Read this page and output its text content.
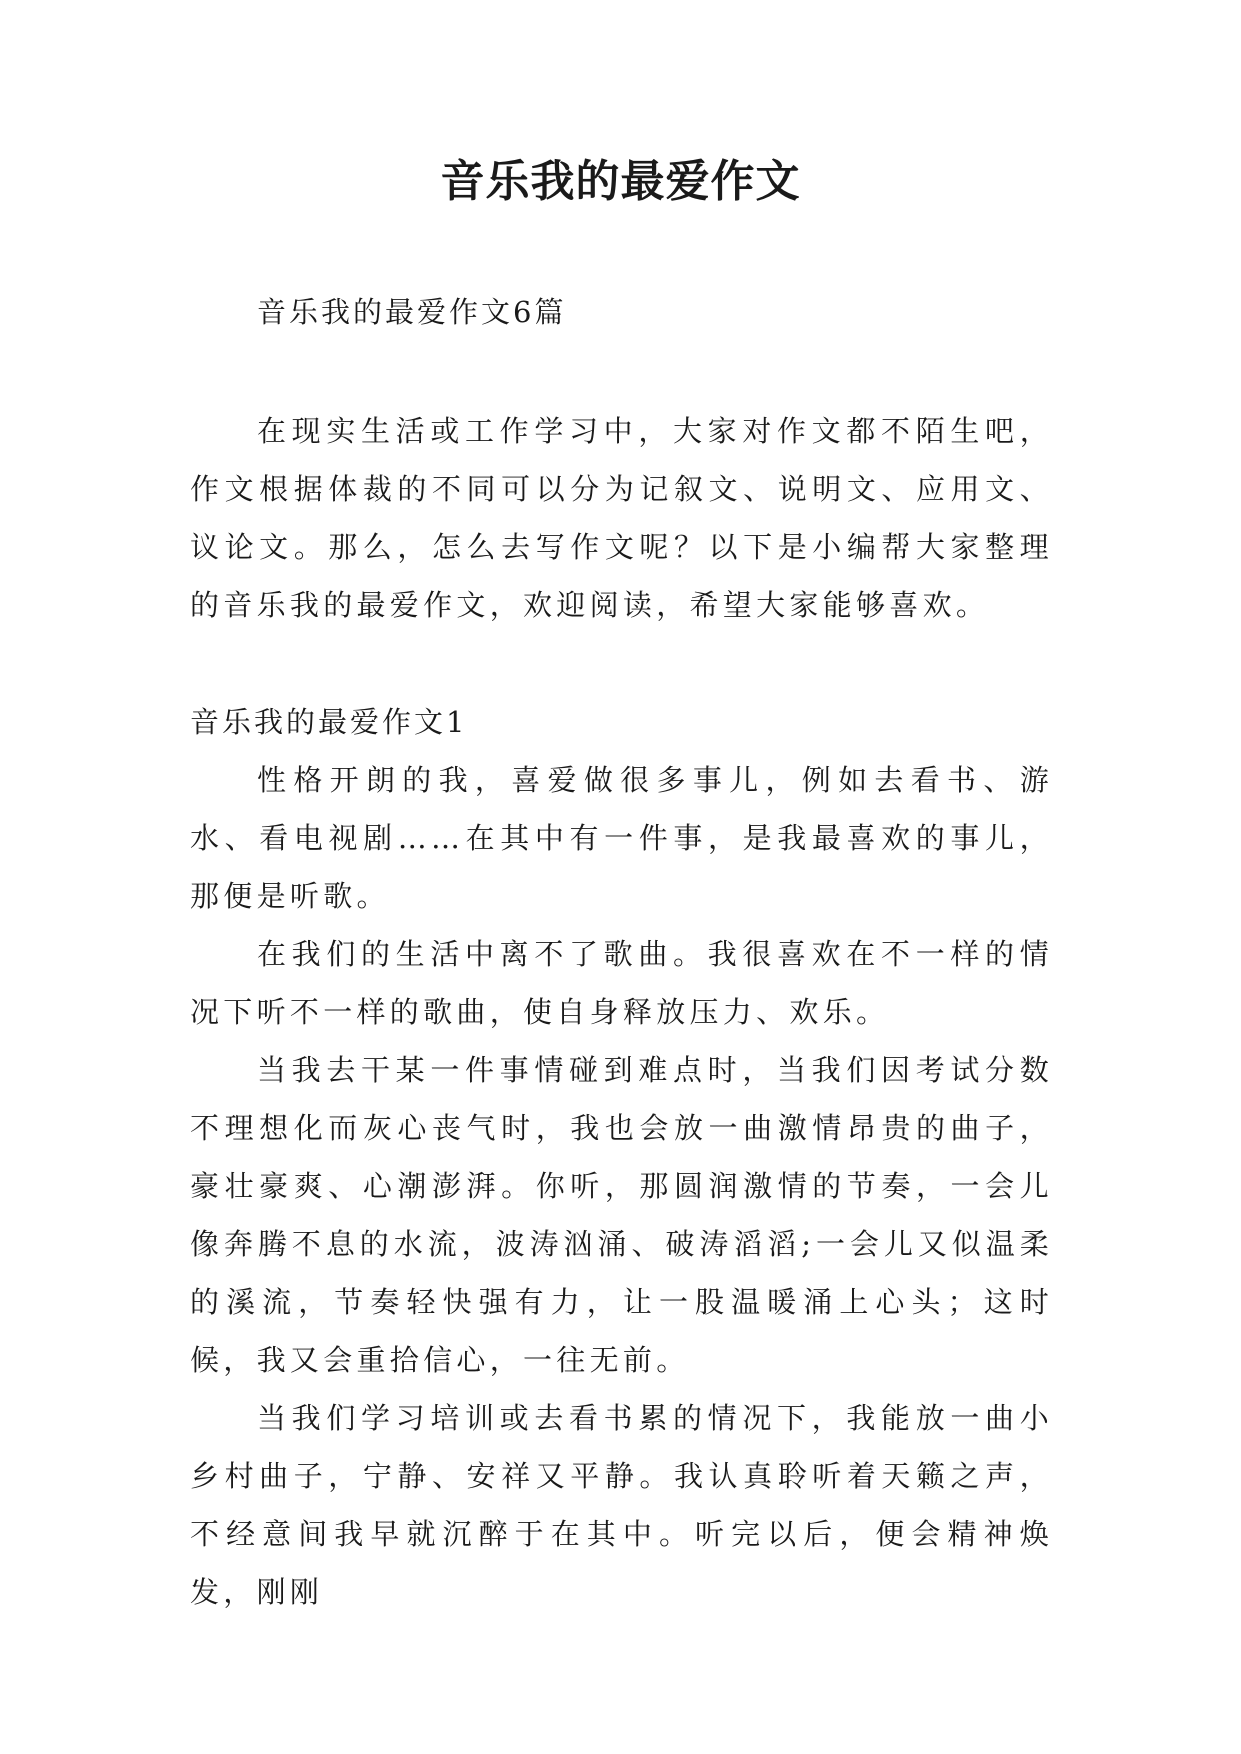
音乐我的最爱作文
音乐我的最爱作文6篇

在现实生活或工作学习中，大家对作文都不陌生吧，作文根据体裁的不同可以分为记叙文、说明文、应用文、议论文。那么，怎么去写作文呢？以下是小编帮大家整理的音乐我的最爱作文，欢迎阅读，希望大家能够喜欢。

音乐我的最爱作文1

性格开朗的我，喜爱做很多事儿，例如去看书、游水、看电视剧……在其中有一件事，是我最喜欢的事儿，那便是听歌。

在我们的生活中离不了歌曲。我很喜欢在不一样的情况下听不一样的歌曲，使自身释放压力、欢乐。

当我去干某一件事情碰到难点时，当我们因考试分数不理想化而灰心丧气时，我也会放一曲激情昂贵的曲子，豪壮豪爽、心潮澎湃。你听，那圆润激情的节奏，一会儿像奔腾不息的水流，波涛汹涌、破涛滔滔;一会儿又似温柔的溪流，节奏轻快强有力，让一股温暖涌上心头；这时候，我又会重拾信心，一往无前。

当我们学习培训或去看书累的情况下，我能放一曲小乡村曲子，宁静、安祥又平静。我认真聆听着天籁之声，不经意间我早就沉醉于在其中。听完以后，便会精神焕发，刚刚
